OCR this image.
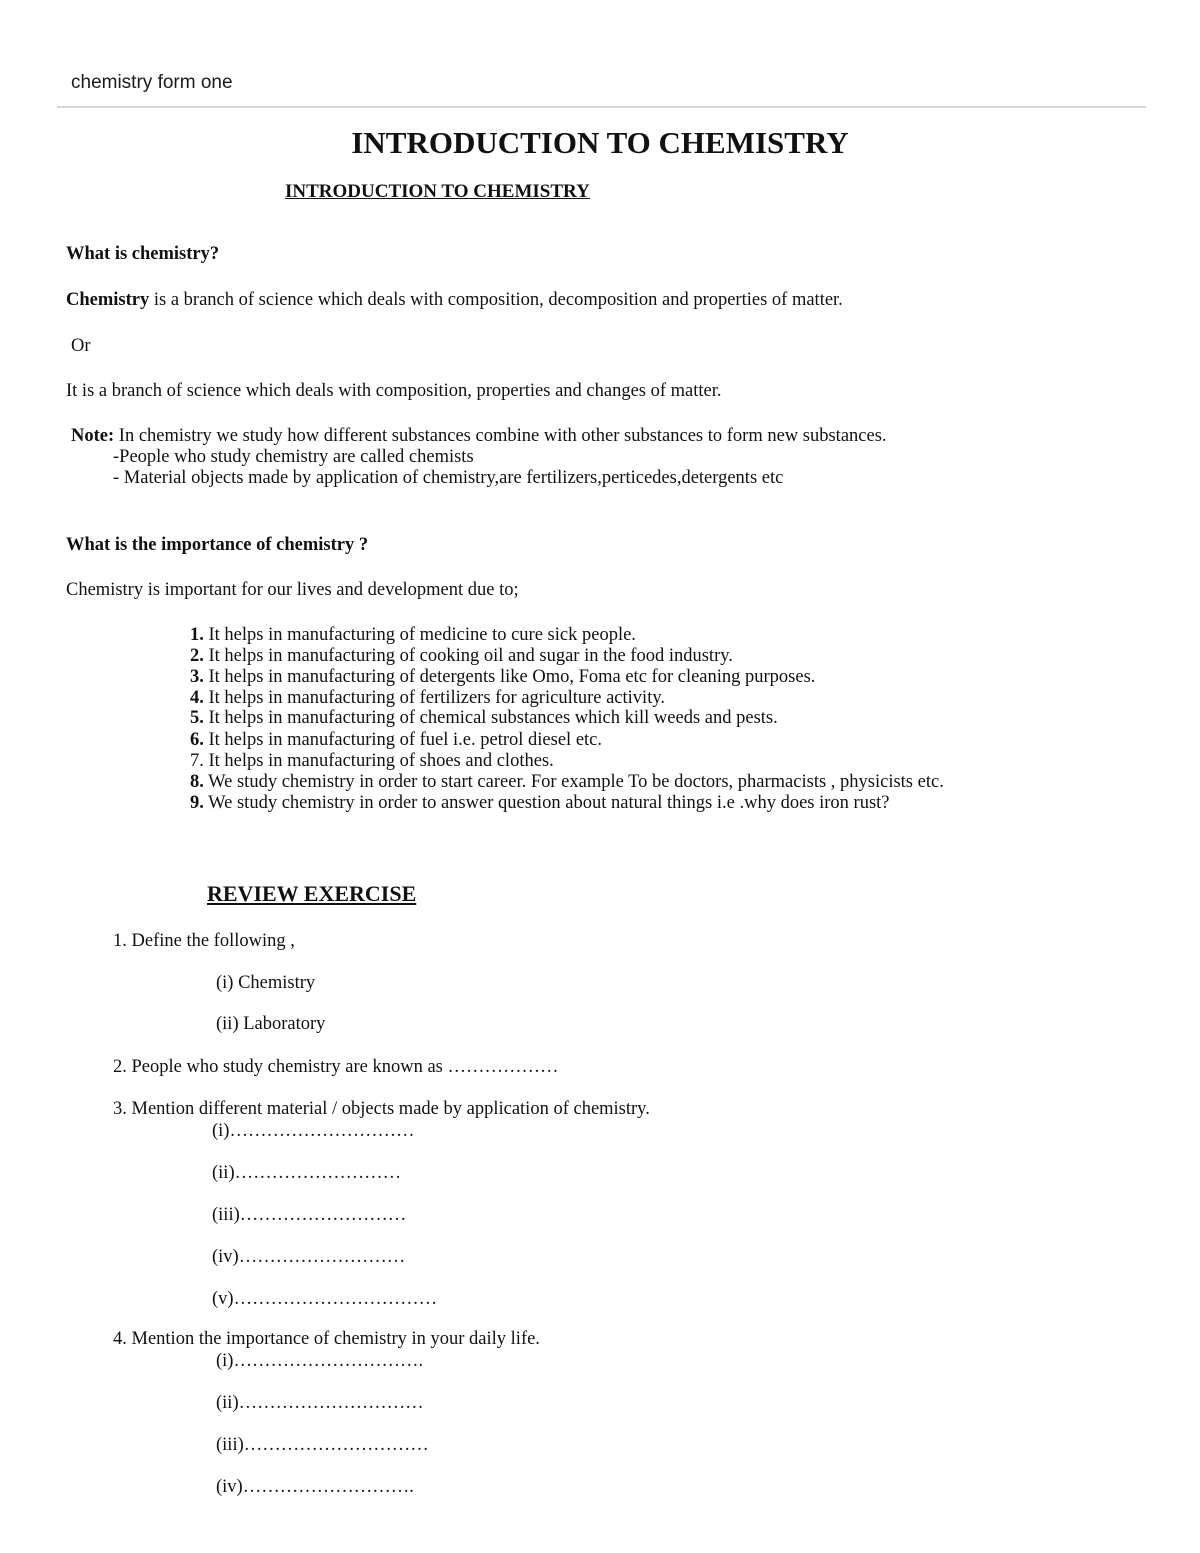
chemistry form one
INTRODUCTION TO CHEMISTRY
INTRODUCTION TO CHEMISTRY
What is chemistry?
Chemistry is a branch of science which deals with composition, decomposition and properties of matter.
Or
It is a branch of science which deals with composition, properties and changes of matter.
Note: In chemistry we study how different substances combine with other substances to form new substances.
-People who study chemistry are called chemists
- Material objects made by application of chemistry,are fertilizers,perticedes,detergents etc
What is the importance of chemistry ?
Chemistry is important for our lives and development due to;
1. It helps in manufacturing of medicine to cure sick people.
2. It helps in manufacturing of cooking oil and sugar in the food industry.
3. It helps in manufacturing of detergents like Omo, Foma etc for cleaning purposes.
4. It helps in manufacturing of fertilizers for agriculture activity.
5. It helps in manufacturing of chemical substances which kill weeds and pests.
6. It helps in manufacturing of fuel i.e. petrol diesel etc.
7. It helps in manufacturing of shoes and clothes.
8. We study chemistry in order to start career. For example To be doctors, pharmacists , physicists etc.
9. We study chemistry in order to answer question about natural things i.e .why does iron rust?
REVIEW EXERCISE
1. Define the following ,
(i) Chemistry
(ii) Laboratory
2. People who study chemistry are known as ………………
3. Mention different material / objects made by application of chemistry.
(i)…………………………
(ii)………………………
(iii)………………………
(iv)………………………
(v)……………………………
4. Mention the importance of chemistry in your daily life.
(i)………………………….
(ii)…………………………
(iii)…………………………
(iv)……………………….
